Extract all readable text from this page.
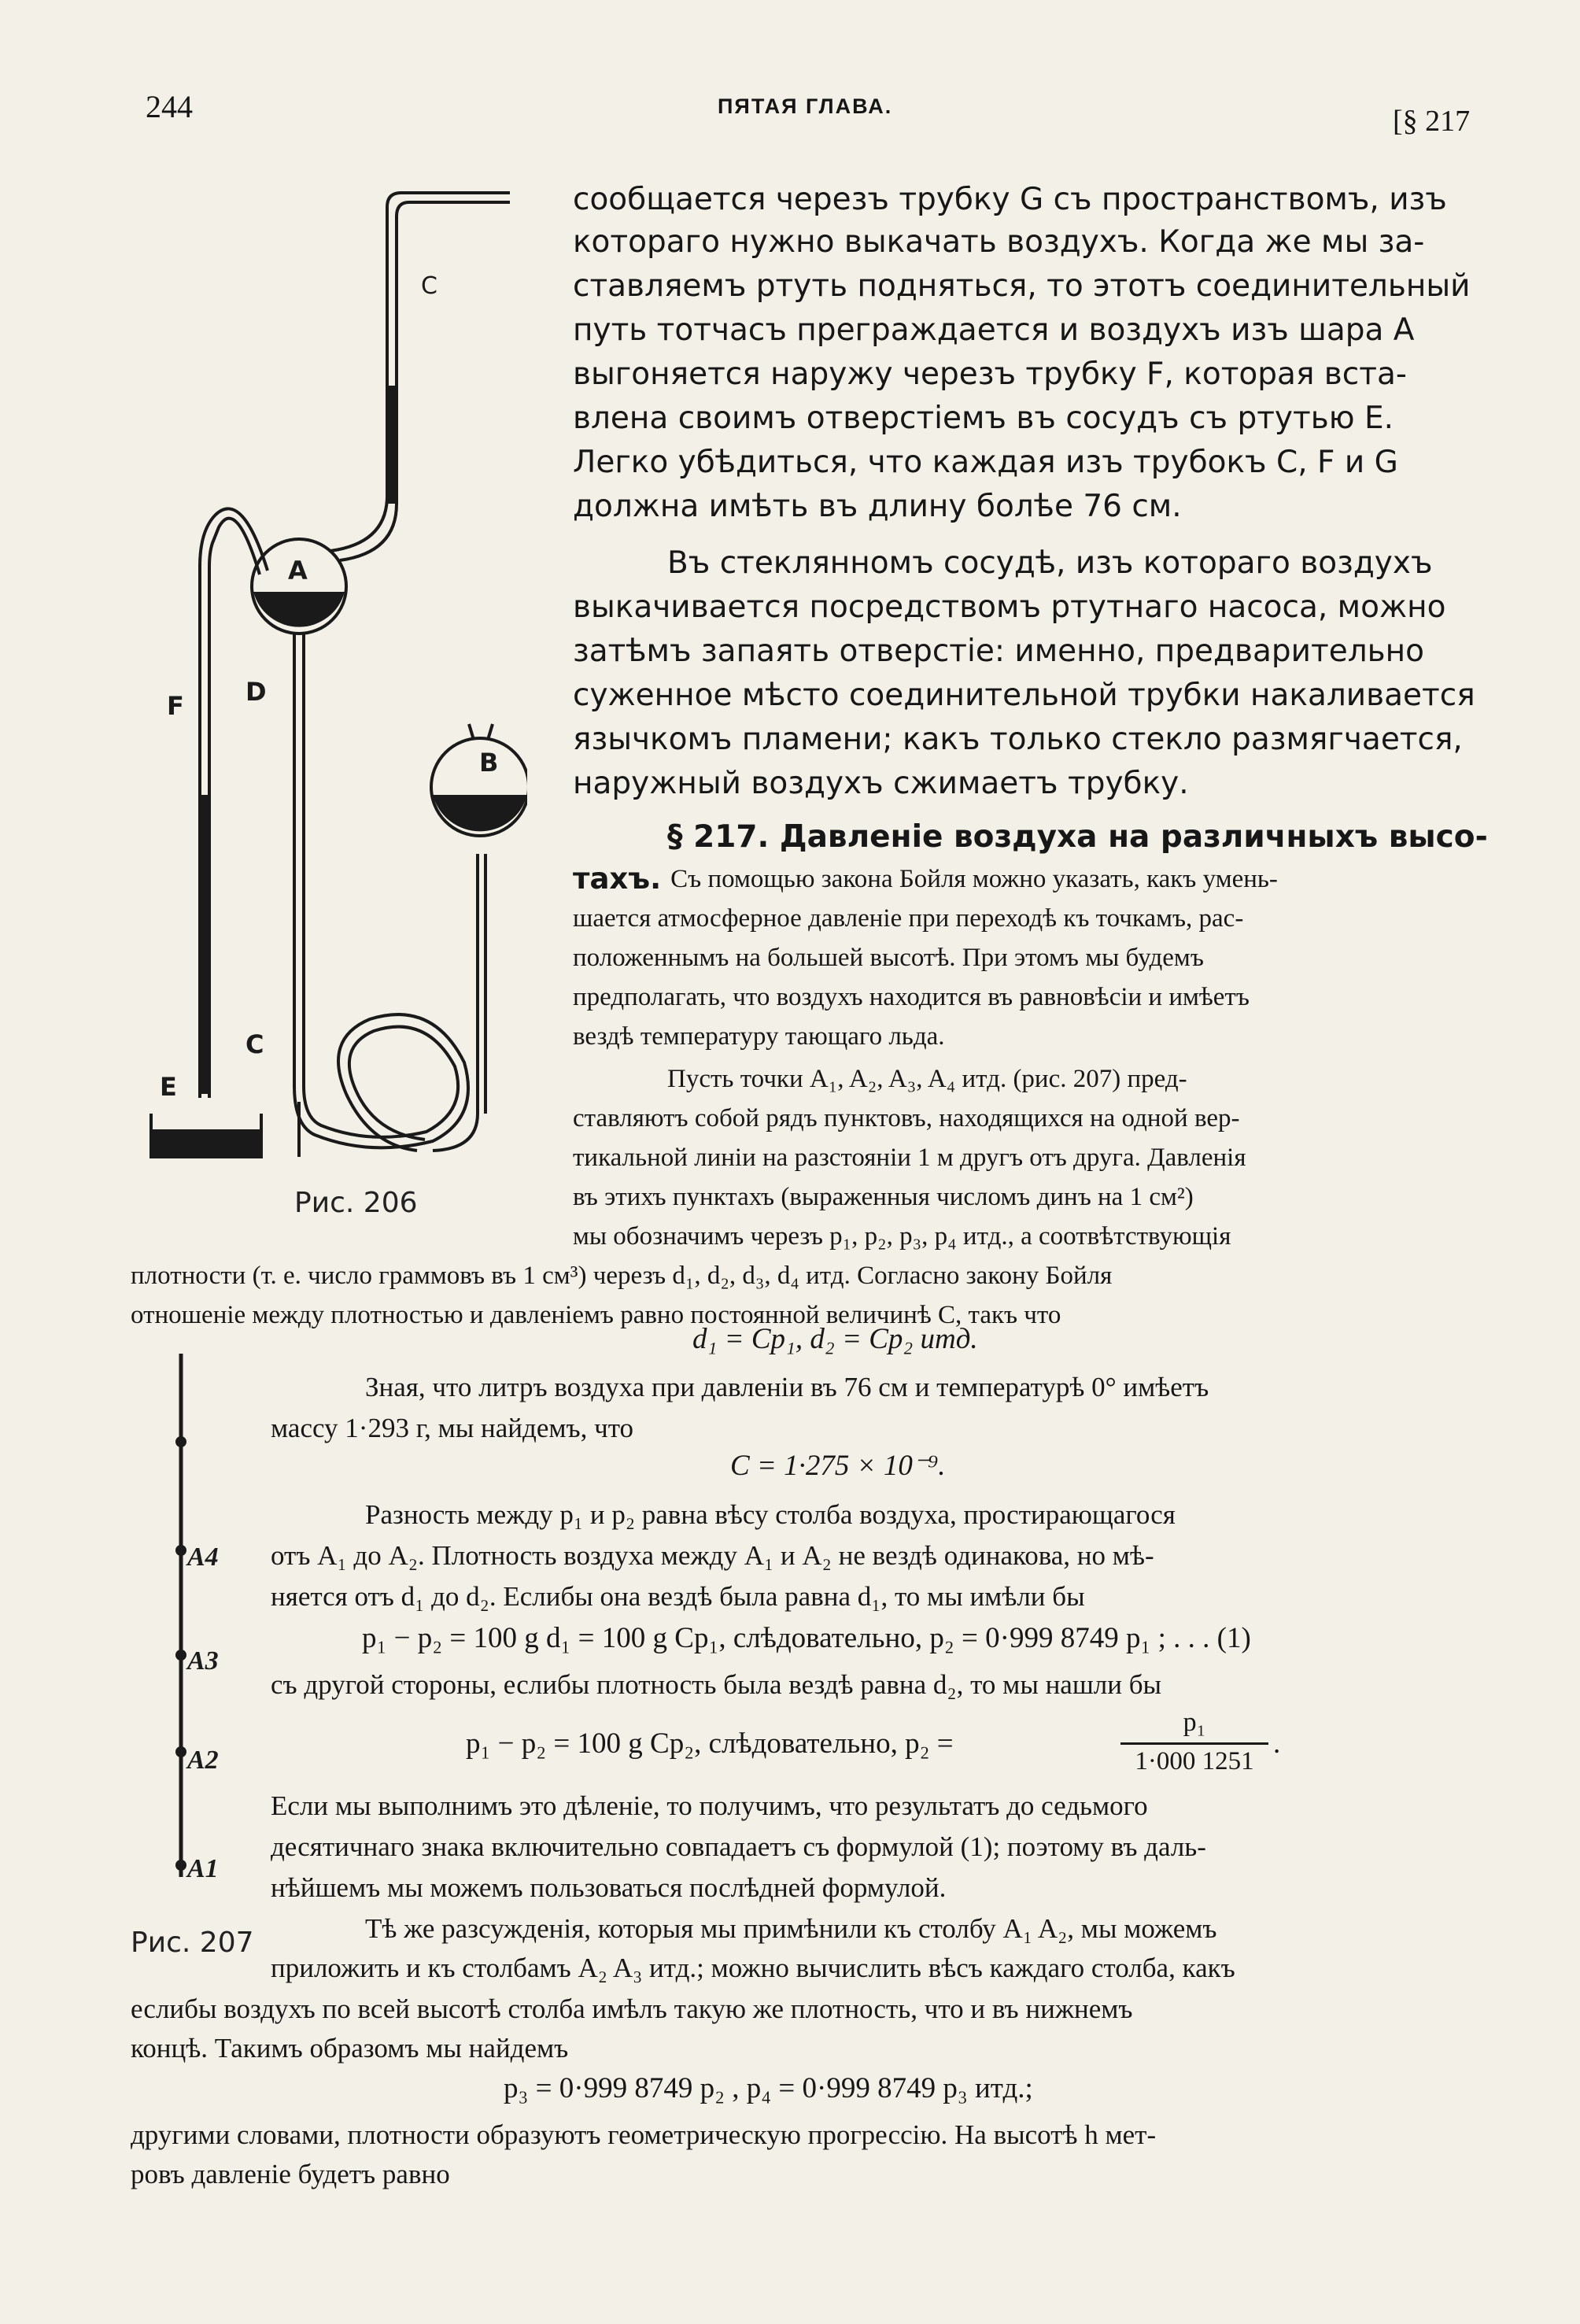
244	ПЯТАЯ ГЛАВА.	[§ 217
A
B
C
D
F
C
E
Рис. 206
сообщается черезъ трубку G съ пространствомъ, изъ
котораго нужно выкачать воздухъ. Когда же мы за-
ставляемъ ртуть подняться, то этотъ соединительный
путь тотчасъ преграждается и воздухъ изъ шара A
выгоняется наружу черезъ трубку F, которая вста-
влена своимъ отверстіемъ въ сосудъ съ ртутью E.
Легко убѣдиться, что каждая изъ трубокъ C, F и G
должна имѣть въ длину болѣе 76 см.
Въ стеклянномъ сосудѣ, изъ котораго воздухъ
выкачивается посредствомъ ртутнаго насоса, можно
затѣмъ запаять отверстіе: именно, предварительно
суженное мѣсто соединительной трубки накаливается
язычкомъ пламени; какъ только стекло размягчается,
наружный воздухъ сжимаетъ трубку.
§ 217. Давленіе воздуха на различныхъ высо-
тахъ. Съ помощью закона Бойля можно указать, какъ умень-
шается атмосферное давленіе при переходѣ къ точкамъ, рас-
положеннымъ на большей высотѣ. При этомъ мы будемъ
предполагать, что воздухъ находится въ равновѣсіи и имѣетъ
вездѣ температуру тающаго льда.
Пусть точки A₁, A₂, A₃, A₄ итд. (рис. 207) пред-
ставляютъ собой рядъ пунктовъ, находящихся на одной вер-
тикальной линіи на разстояніи 1 м другъ отъ друга. Давленія
въ этихъ пунктахъ (выраженныя числомъ динъ на 1 см²)
мы обозначимъ черезъ p₁, p₂, p₃, p₄ итд., а соотвѣтствующія
плотности (т. е. число граммовъ въ 1 см³) черезъ d₁, d₂, d₃, d₄ итд. Согласно закону Бойля
отношеніе между плотностью и давленіемъ равно постоянной величинѣ C, такъ что
d₁ = Cp₁, d₂ = Cp₂ итд.
A4
A3
A2
A1
Рис. 207
Зная, что литръ воздуха при давленіи въ 76 см и температурѣ 0° имѣетъ
массу 1·293 г, мы найдемъ, что
C = 1·275 × 10⁻⁹.
Разность между p₁ и p₂ равна вѣсу столба воздуха, простирающагося
отъ A₁ до A₂. Плотность воздуха между A₁ и A₂ не вездѣ одинакова, но мѣ-
няется отъ d₁ до d₂. Еслибы она вездѣ была равна d₁, то мы имѣли бы
p₁ − p₂ = 100 g d₁ = 100 g Cp₁, слѣдовательно, p₂ = 0·999 8749 p₁ ; . . . (1)
съ другой стороны, еслибы плотность была вездѣ равна d₂, то мы нашли бы
p₁ − p₂ = 100 g Cp₂, слѣдовательно, p₂ =
p₁
1·000 1251
.
Если мы выполнимъ это дѣленіе, то получимъ, что результатъ до седьмого
десятичнаго знака включительно совпадаетъ съ формулой (1); поэтому въ даль-
нѣйшемъ мы можемъ пользоваться послѣдней формулой.
Тѣ же разсужденія, которыя мы примѣнили къ столбу A₁ A₂, мы можемъ
приложить и къ столбамъ A₂ A₃ итд.; можно вычислить вѣсъ каждаго столба, какъ
еслибы воздухъ по всей высотѣ столба имѣлъ такую же плотность, что и въ нижнемъ
концѣ. Такимъ образомъ мы найдемъ
p₃ = 0·999 8749 p₂ , p₄ = 0·999 8749 p₃ итд.;
другими словами, плотности образуютъ геометрическую прогрессію. На высотѣ h мет-
ровъ давленіе будетъ равно
